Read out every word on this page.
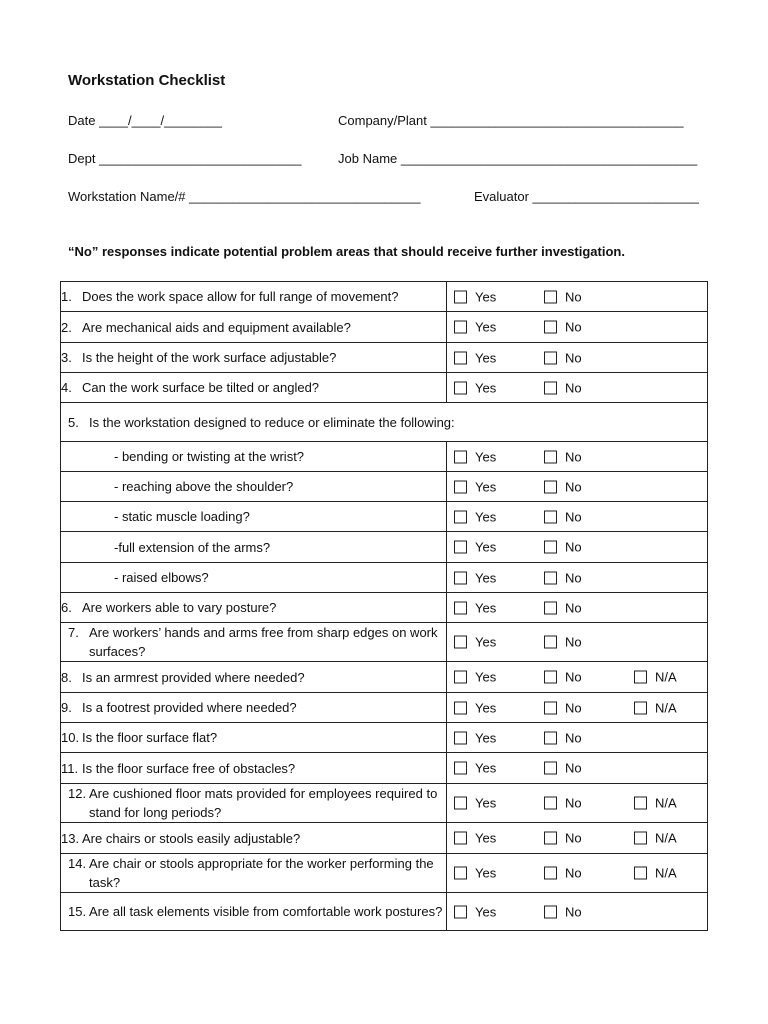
Workstation Checklist
Date ____/____/________	Company/Plant ___________________________________
Dept ____________________________	Job Name _________________________________________
Workstation Name/# ________________________________	Evaluator _______________________
“No” responses indicate potential problem areas that should receive further investigation.
1. Does the work space allow for full range of movement?	Yes No

2. Are mechanical aids and equipment available?	Yes No

3. Is the height of the work surface adjustable?	Yes No

4. Can the work surface be tilted or angled?	Yes No

5. Is the workstation designed to reduce or eliminate the following:	
- bending or twisting at the wrist?	Yes No

- reaching above the shoulder?	Yes No

- static muscle loading?	Yes No

-full extension of the arms?	Yes No

- raised elbows?	Yes No

6. Are workers able to vary posture?	Yes No

7. Are workers’ hands and arms free from sharp edges on work surfaces?	Yes No

8. Is an armrest provided where needed?	Yes No N/A

9. Is a footrest provided where needed?	Yes No N/A

10. Is the floor surface flat?	Yes No

11. Is the floor surface free of obstacles?	Yes No

12. Are cushioned floor mats provided for employees required to stand for long periods?	Yes No N/A

13. Are chairs or stools easily adjustable?	Yes No N/A

14. Are chair or stools appropriate for the worker performing the task?	Yes No N/A

15. Are all task elements visible from comfortable work postures?	Yes No
